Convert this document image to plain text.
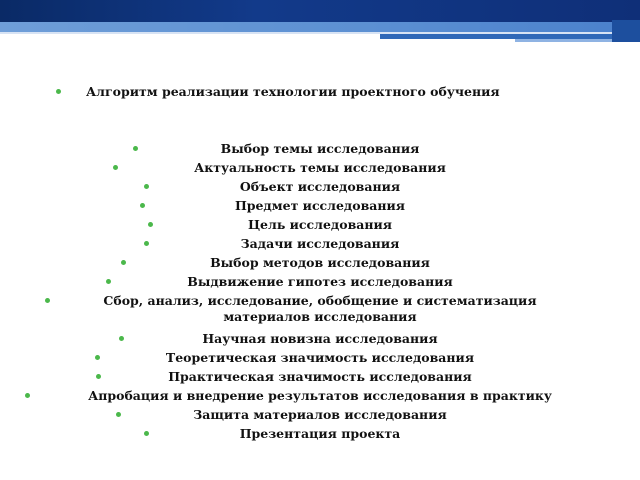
Алгоритм реализации технологии проектного обучения
Выбор темы исследования
Актуальность темы исследования
Объект исследования
Предмет исследования
Цель исследования
Задачи исследования
Выбор методов исследования
Выдвижение гипотез исследования
Сбор, анализ, исследование, обобщение и систематизация
материалов исследования
Научная новизна исследования
Теоретическая значимость исследования
Практическая значимость исследования
Апробация и внедрение результатов исследования в практику
Защита материалов исследования
Презентация проекта
